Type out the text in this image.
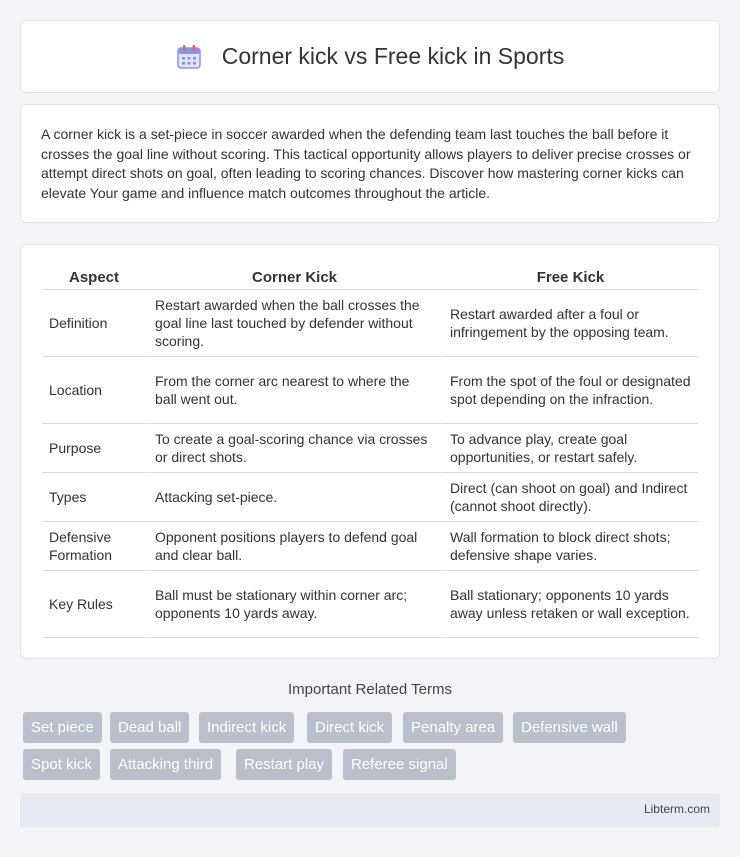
Corner kick vs Free kick in Sports

A corner kick is a set-piece in soccer awarded when the defending team last touches the ball before it crosses the goal line without scoring. This tactical opportunity allows players to deliver precise crosses or attempt direct shots on goal, often leading to scoring chances. Discover how mastering corner kicks can elevate Your game and influence match outcomes throughout the article.

Aspect	Corner Kick	Free Kick
Definition	Restart awarded when the ball crosses the goal line last touched by defender without scoring.	Restart awarded after a foul or infringement by the opposing team.
Location	From the corner arc nearest to where the ball went out.	From the spot of the foul or designated spot depending on the infraction.
Purpose	To create a goal-scoring chance via crosses or direct shots.	To advance play, create goal opportunities, or restart safely.
Types	Attacking set-piece.	Direct (can shoot on goal) and Indirect (cannot shoot directly).
Defensive Formation	Opponent positions players to defend goal and clear ball.	Wall formation to block direct shots; defensive shape varies.
Key Rules	Ball must be stationary within corner arc; opponents 10 yards away.	Ball stationary; opponents 10 yards away unless retaken or wall exception.
Important Related Terms
Set piece	Dead ball	Indirect kick	Direct kick	Penalty area	Defensive wall
Spot kick	Attacking third	Restart play	Referee signal
Libterm.com
